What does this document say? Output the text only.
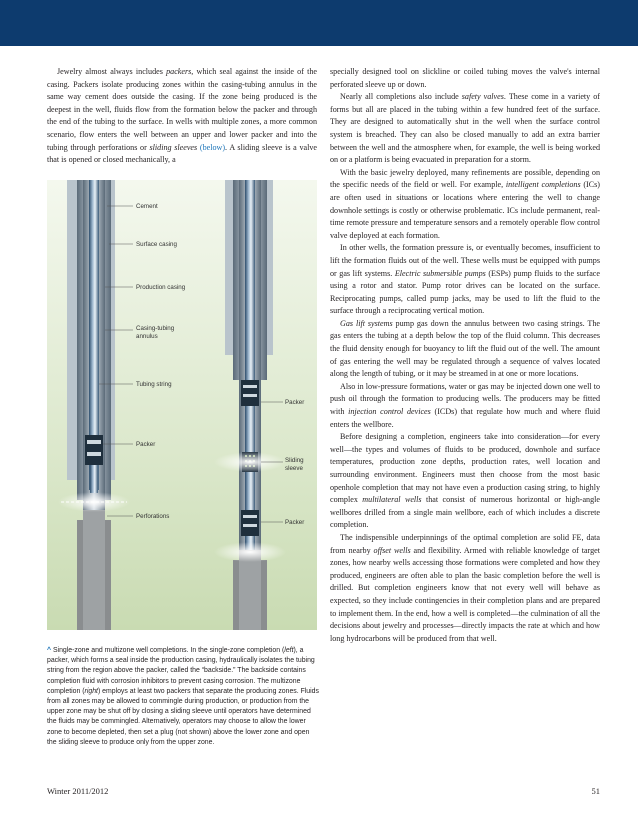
Jewelry almost always includes packers, which seal against the inside of the casing. Packers isolate producing zones within the casing-tubing annulus in the same way cement does outside the casing. If the zone being produced is the deepest in the well, fluids flow from the formation below the packer and through the end of the tubing to the surface. In wells with multiple zones, a more common scenario, flow enters the well between an upper and lower packer and into the tubing through perforations or sliding sleeves (below). A sliding sleeve is a valve that is opened or closed mechanically, a

Cement
Surface casing
Production casing
Casing-tubing
annulus
Tubing string
Packer
Perforations
Packer
Sliding
sleeve
Packer
^ Single-zone and multizone well completions. In the single-zone completion (left), a packer, which forms a seal inside the production casing, hydraulically isolates the tubing string from the region above the packer, called the “backside.” The backside contains completion fluid with corrosion inhibitors to prevent casing corrosion. The multizone completion (right) employs at least two packers that separate the producing zones. Fluids from all zones may be allowed to commingle during production, or production from the upper zone may be shut off by closing a sliding sleeve until operators have determined the fluids may be commingled. Alternatively, operators may choose to allow the lower zone to become depleted, then set a plug (not shown) above the lower zone and open the sliding sleeve to produce only from the upper zone.

specially designed tool on slickline or coiled tubing moves the valve's internal perforated sleeve up or down.

Nearly all completions also include safety valves. These come in a variety of forms but all are placed in the tubing within a few hundred feet of the surface. They are designed to automatically shut in the well when the surface control system is breached. They can also be closed manually to add an extra barrier between the well and the atmosphere when, for example, the well is being worked on or a platform is being evacuated in preparation for a storm.

With the basic jewelry deployed, many refinements are possible, depending on the specific needs of the field or well. For example, intelligent completions (ICs) are often used in situations or locations where entering the well to change downhole settings is costly or otherwise problematic. ICs include permanent, real-time remote pressure and temperature sensors and a remotely operable flow control valve deployed at each formation.

In other wells, the formation pressure is, or eventually becomes, insufficient to lift the formation fluids out of the well. These wells must be equipped with pumps or gas lift systems. Electric submersible pumps (ESPs) pump fluids to the surface using a rotor and stator. Pump rotor drives can be located on the surface. Reciprocating pumps, called pump jacks, may be used to lift the fluid to the surface through a reciprocating vertical motion.

Gas lift systems pump gas down the annulus between two casing strings. The gas enters the tubing at a depth below the top of the fluid column. This decreases the fluid density enough for buoyancy to lift the fluid out of the well. The amount of gas entering the well may be regulated through a sequence of valves located along the length of tubing, or it may be streamed in at one or more locations.

Also in low-pressure formations, water or gas may be injected down one well to push oil through the formation to producing wells. The producers may be fitted with injection control devices (ICDs) that regulate how much and where fluid enters the wellbore.

Before designing a completion, engineers take into consideration—for every well—the types and volumes of fluids to be produced, downhole and surface temperatures, production zone depths, production rates, well location and surrounding environment. Engineers must then choose from the most basic openhole completion that may not have even a production casing string, to highly complex multilateral wells that consist of numerous horizontal or high-angle wellbores drilled from a single main wellbore, each of which includes a discrete completion.

The indispensible underpinnings of the optimal completion are solid FE, data from nearby offset wells and flexibility. Armed with reliable knowledge of target zones, how nearby wells accessing those formations were completed and how they produced, engineers are often able to plan the basic completion before the well is drilled. But completion engineers know that not every well will behave as expected, so they include contingencies in their completion plans and are prepared to implement them. In the end, how a well is completed—the culmination of all the decisions about jewelry and processes—directly impacts the rate at which and how long hydrocarbons will be produced from that well.

Winter 2011/2012	51
